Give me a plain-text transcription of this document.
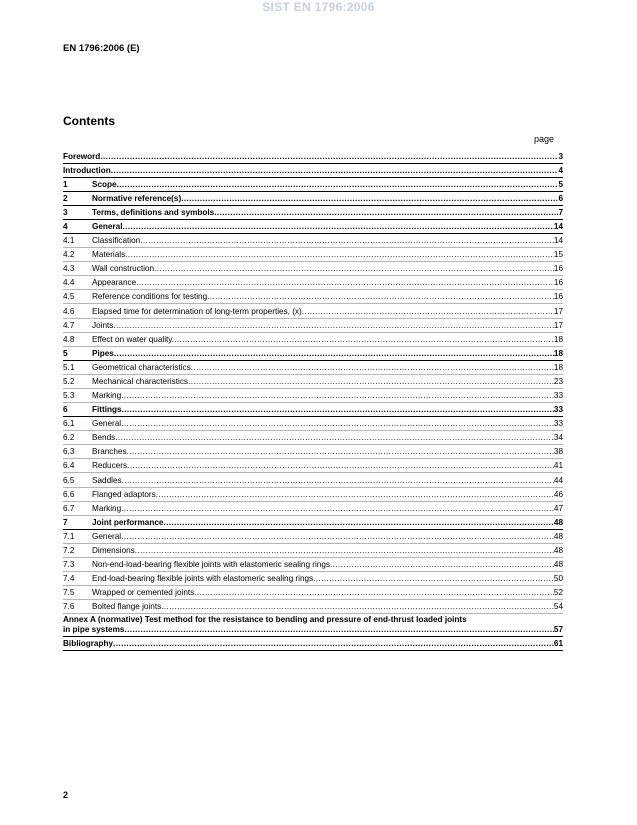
SIST EN 1796:2006
EN 1796:2006 (E)
Contents
page
Foreword .....	3
Introduction .....	4
1	Scope .....	5
2	Normative reference(s) .....	6
3	Terms, definitions and symbols .....	7
4	General .....	14
4.1	Classification .....	14
4.2	Materials .....	15
4.3	Wall construction .....	16
4.4	Appearance .....	16
4.5	Reference conditions for testing .....	16
4.6	Elapsed time for determination of long-term properties, (x) .....	17
4.7	Joints .....	17
4.8	Effect on water quality. .....	18
5	Pipes .....	18
5.1	Geometrical characteristics .....	18
5.2	Mechanical characteristics .....	23
5.3	Marking .....	33
6	Fittings .....	33
6.1	General .....	33
6.2	Bends .....	34
6.3	Branches .....	38
6.4	Reducers .....	41
6.5	Saddles .....	44
6.6	Flanged adaptors .....	46
6.7	Marking .....	47
7	Joint performance .....	48
7.1	General .....	48
7.2	Dimensions .....	48
7.3	Non-end-load-bearing flexible joints with elastomeric sealing rings .....	48
7.4	End-load-bearing flexible joints with elastomeric sealing rings .....	50
7.5	Wrapped or cemented joints .....	52
7.6	Bolted flange joints .....	54
Annex A (normative) Test method for the resistance to bending and pressure of end-thrust loaded joints
in pipe systems .....	57
Bibliography .....	61
2
